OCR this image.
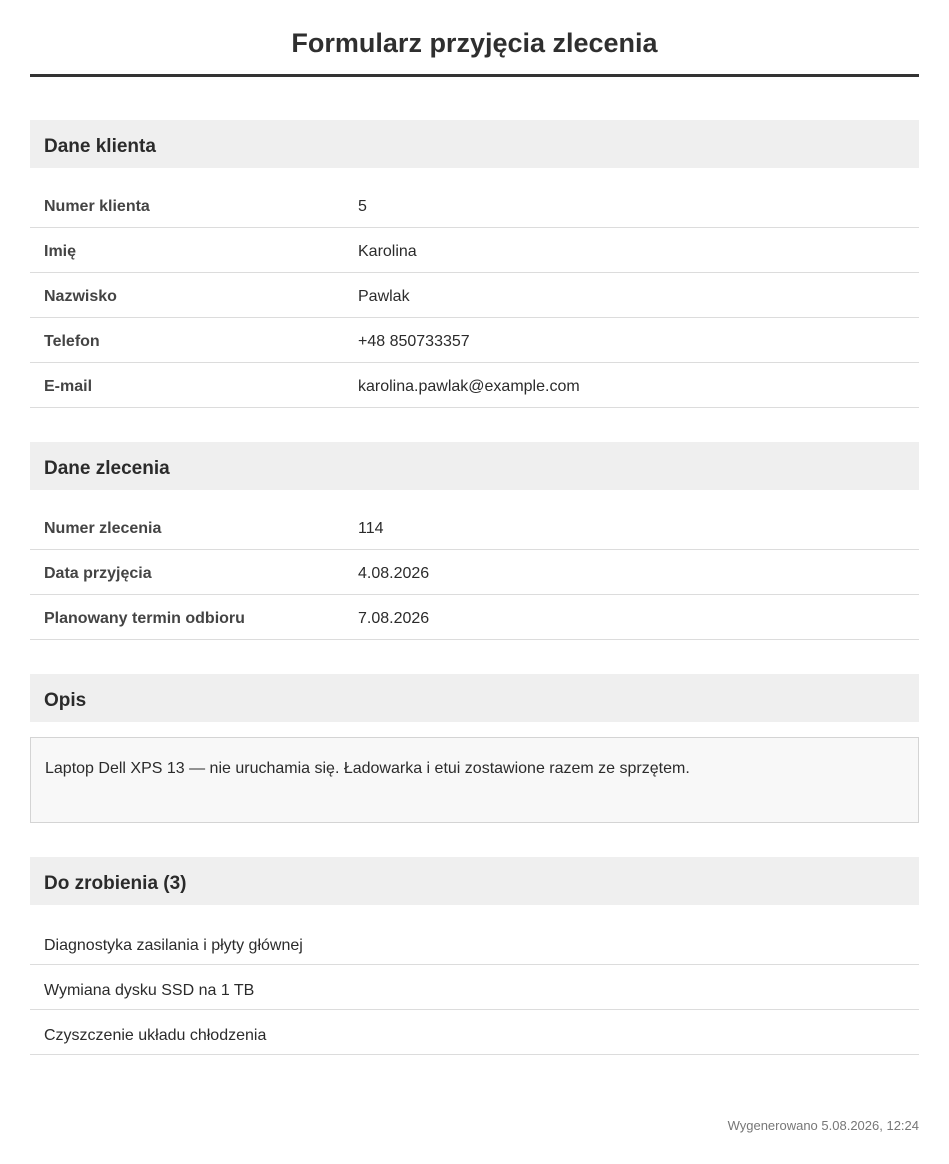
Formularz przyjęcia zlecenia
Dane klienta
Numer klienta	5
Imię	Karolina
Nazwisko	Pawlak
Telefon	+48 850733357
E-mail	karolina.pawlak@example.com
Dane zlecenia
Numer zlecenia	114
Data przyjęcia	4.08.2026
Planowany termin odbioru	7.08.2026
Opis
Laptop Dell XPS 13 — nie uruchamia się. Ładowarka i etui zostawione razem ze sprzętem.
Do zrobienia (3)
Diagnostyka zasilania i płyty głównej
Wymiana dysku SSD na 1 TB
Czyszczenie układu chłodzenia
Wygenerowano 5.08.2026, 12:24
